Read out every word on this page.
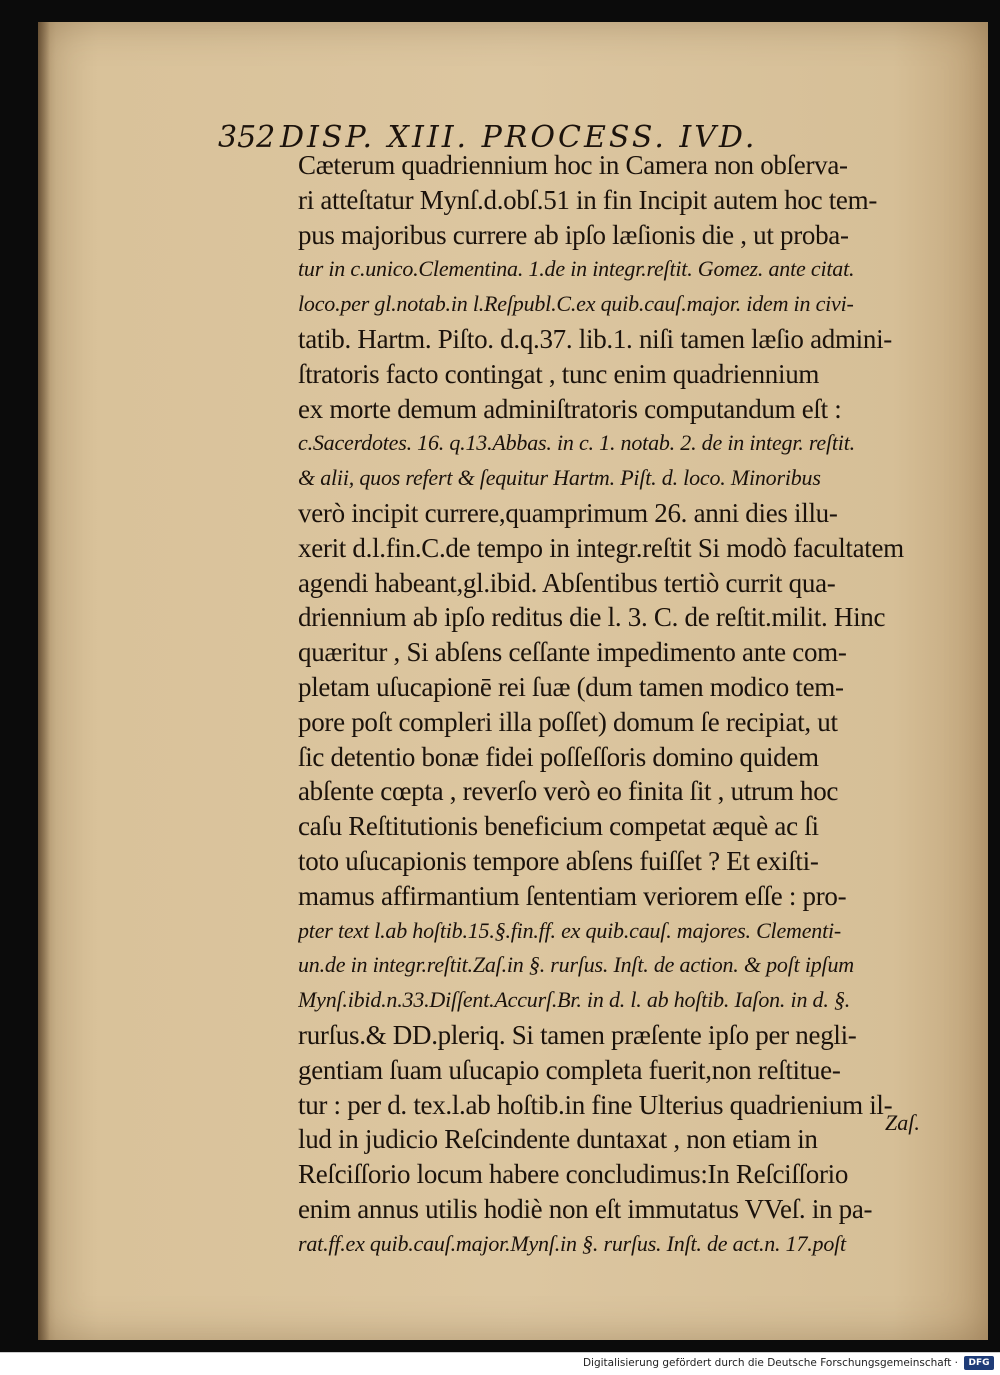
352 DISP. XIII. PROCESS. IVD.
Cæterum quadriennium hoc in Camera non obſerva-
ri atteſtatur Mynſ.d.obſ.51 in fin Incipit autem hoc tem-
pus majoribus currere ab ipſo læſionis die , ut proba-
tur in c.unico.Clementina. 1.de in integr.reſtit. Gomez. ante citat.
loco.per gl.notab.in l.Reſpubl.C.ex quib.cauſ.major. idem in civi-
tatib. Hartm. Piſto. d.q.37. lib.1. niſi tamen læſio admini-
ſtratoris facto contingat , tunc enim quadriennium
ex morte demum adminiſtratoris computandum eſt :
c.Sacerdotes. 16. q.13.Abbas. in c. 1. notab. 2. de in integr. reſtit.
& alii, quos refert & ſequitur Hartm. Piſt. d. loco. Minoribus
verò incipit currere,quamprimum 26. anni dies illu-
xerit d.l.fin.C.de tempo in integr.reſtit Si modò facultatem
agendi habeant,gl.ibid. Abſentibus tertiò currit qua-
driennium ab ipſo reditus die l. 3. C. de reſtit.milit. Hinc
quæritur , Si abſens ceſſante impedimento ante com-
pletam uſucapionē rei ſuæ (dum tamen modico tem-
pore poſt compleri illa poſſet) domum ſe recipiat, ut
ſic detentio bonæ fidei poſſeſſoris domino quidem
abſente cœpta , reverſo verò eo finita ſit , utrum hoc
caſu Reſtitutionis beneficium competat æquè ac ſi
toto uſucapionis tempore abſens fuiſſet ? Et exiſti-
mamus affirmantium ſententiam veriorem eſſe : pro-
pter text l.ab hoſtib.15.§.fin.ff. ex quib.cauſ. majores. Clementi-
un.de in integr.reſtit.Zaſ.in §. rurſus. Inſt. de action. & poſt ipſum
Mynſ.ibid.n.33.Diſſent.Accurſ.Br. in d. l. ab hoſtib. Iaſon. in d. §.
rurſus.& DD.pleriq. Si tamen præſente ipſo per negli-
gentiam ſuam uſucapio completa fuerit,non reſtitue-
tur : per d. tex.l.ab hoſtib.in fine Ulterius quadrienium il-
lud in judicio Reſcindente duntaxat , non etiam in
Reſciſſorio locum habere concludimus:In Reſciſſorio
enim annus utilis hodiè non eſt immutatus VVeſ. in pa-
rat.ff.ex quib.cauſ.major.Mynſ.in §. rurſus. Inſt. de act.n. 17.poſt
Zaſ.
Digitalisierung gefördert durch die Deutsche Forschungsgemeinschaft ·	DFG
